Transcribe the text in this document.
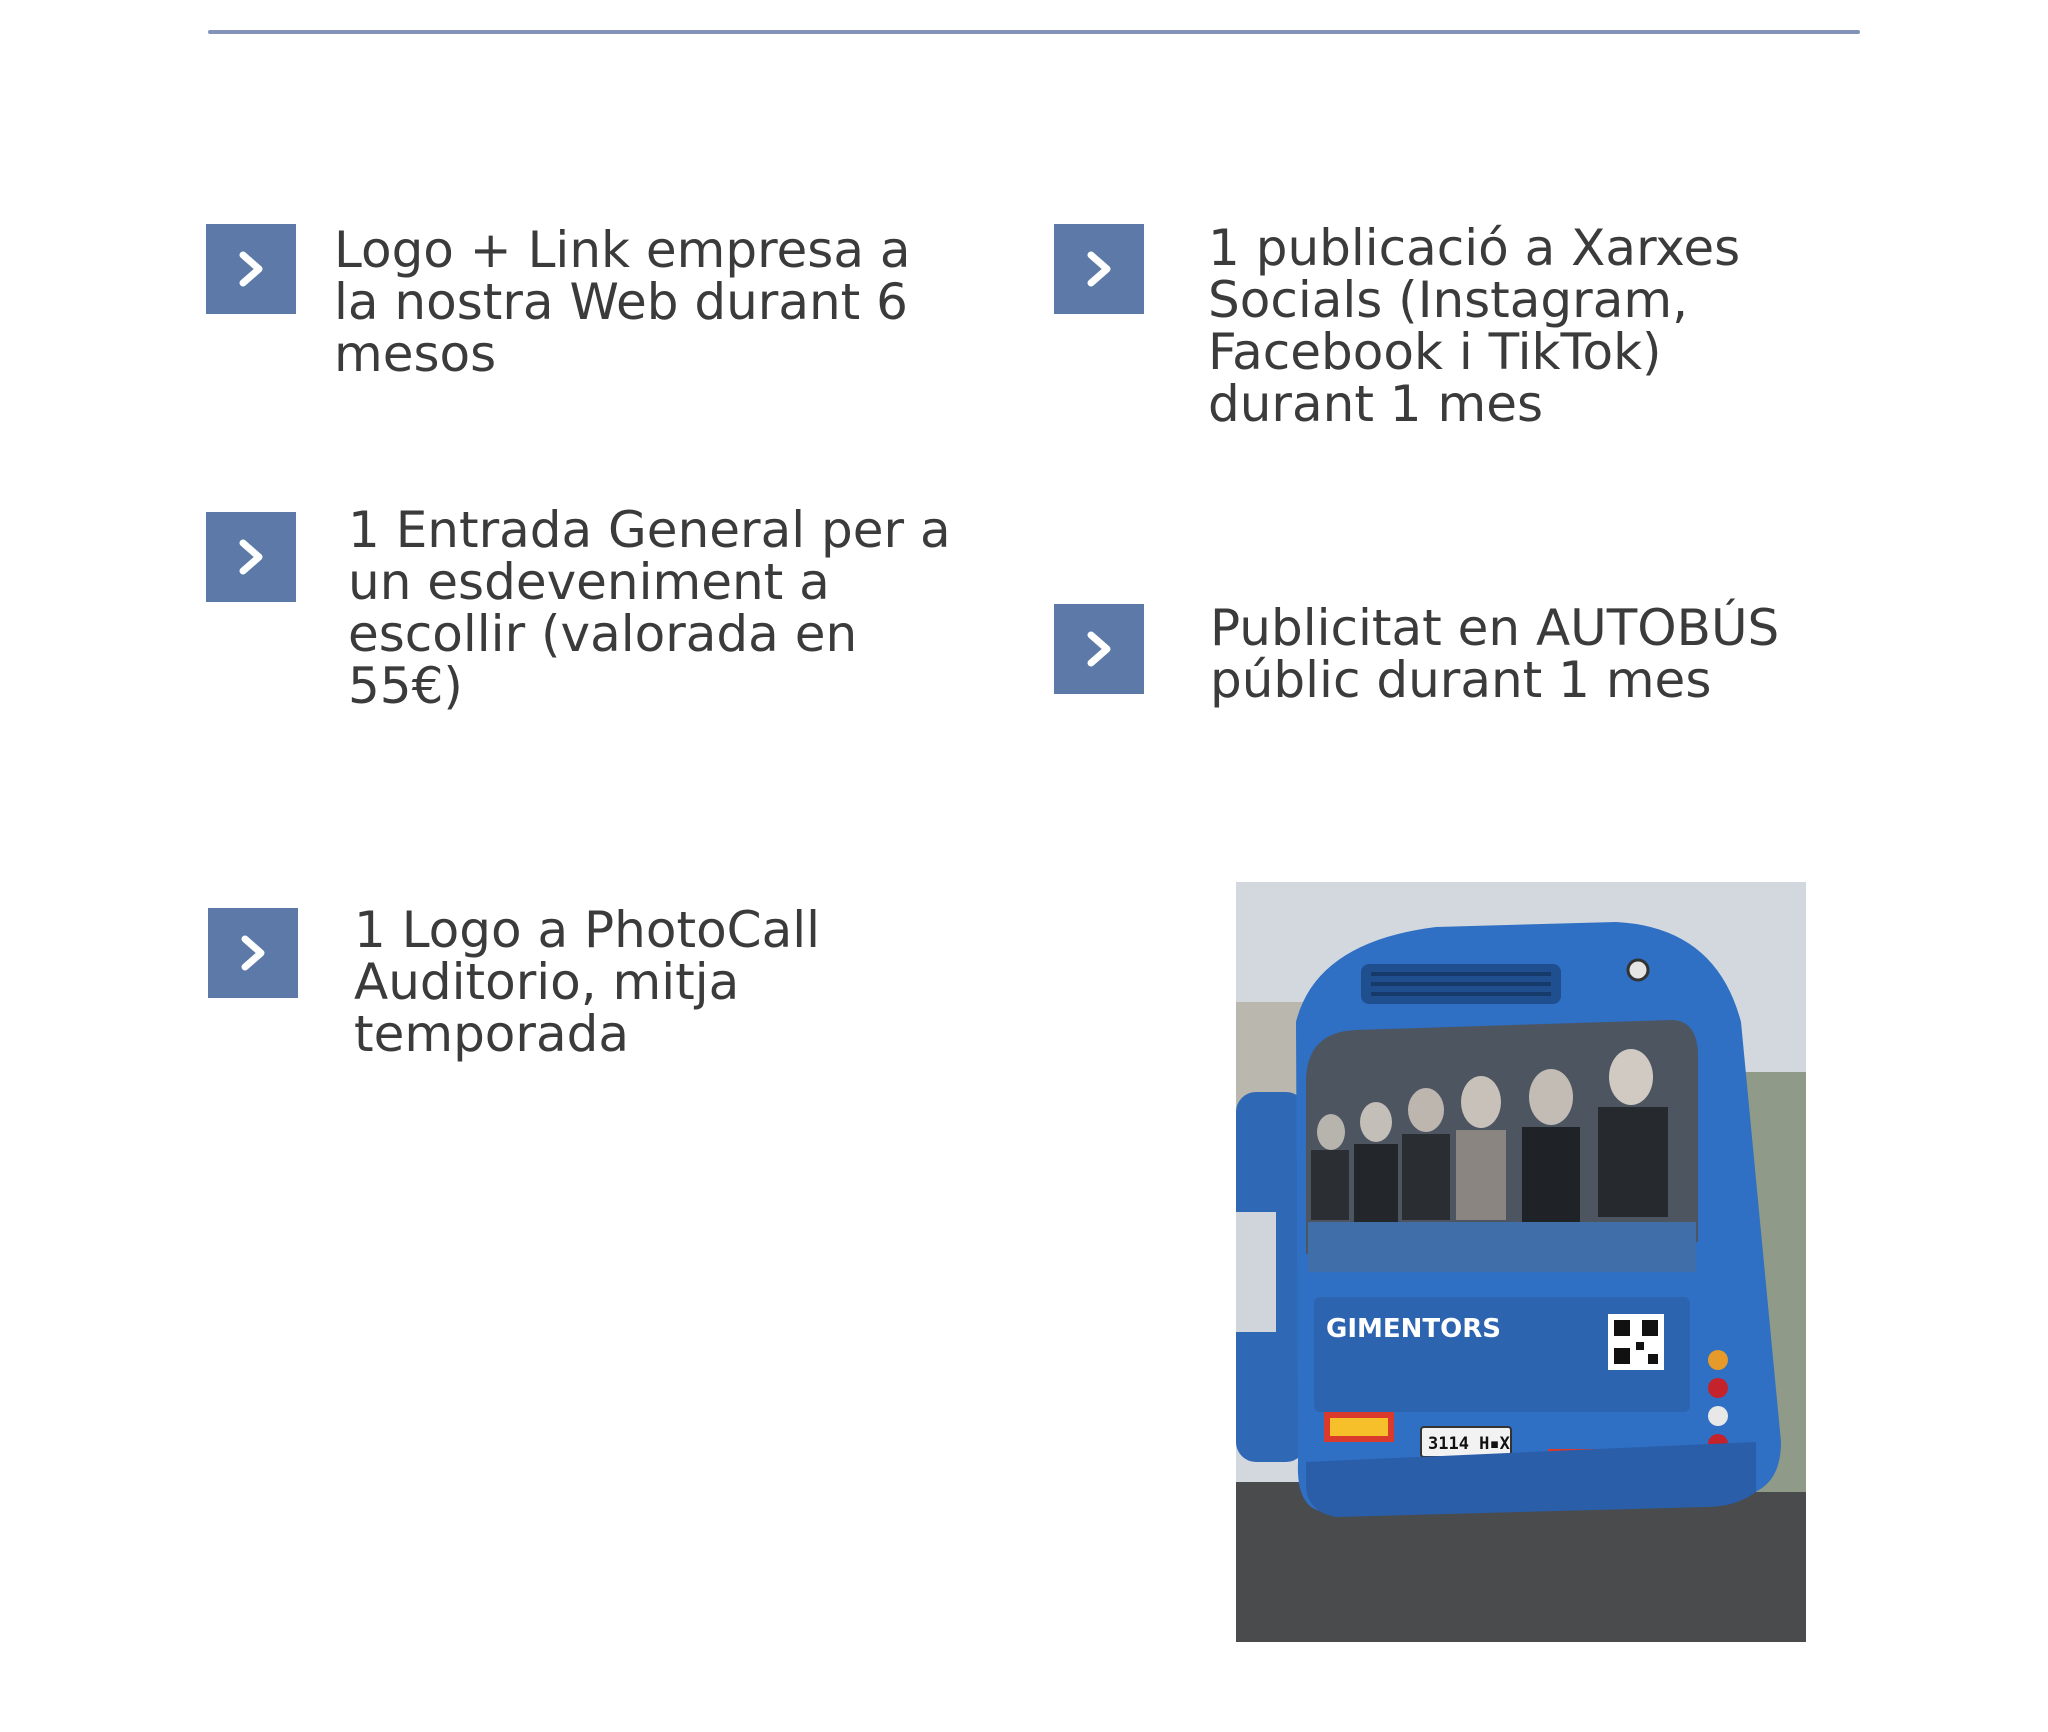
Logo + Link empresa a
la nostra Web durant 6
mesos
1 publicació a Xarxes
Socials (Instagram,
Facebook i TikTok)
durant 1 mes
1 Entrada General per a
un esdeveniment a
escollir (valorada en
55€)
Publicitat en AUTOBÚS
públic durant 1 mes
1 Logo a PhotoCall
Auditorio, mitja
temporada
GIMENTORS
3114 H▪X
